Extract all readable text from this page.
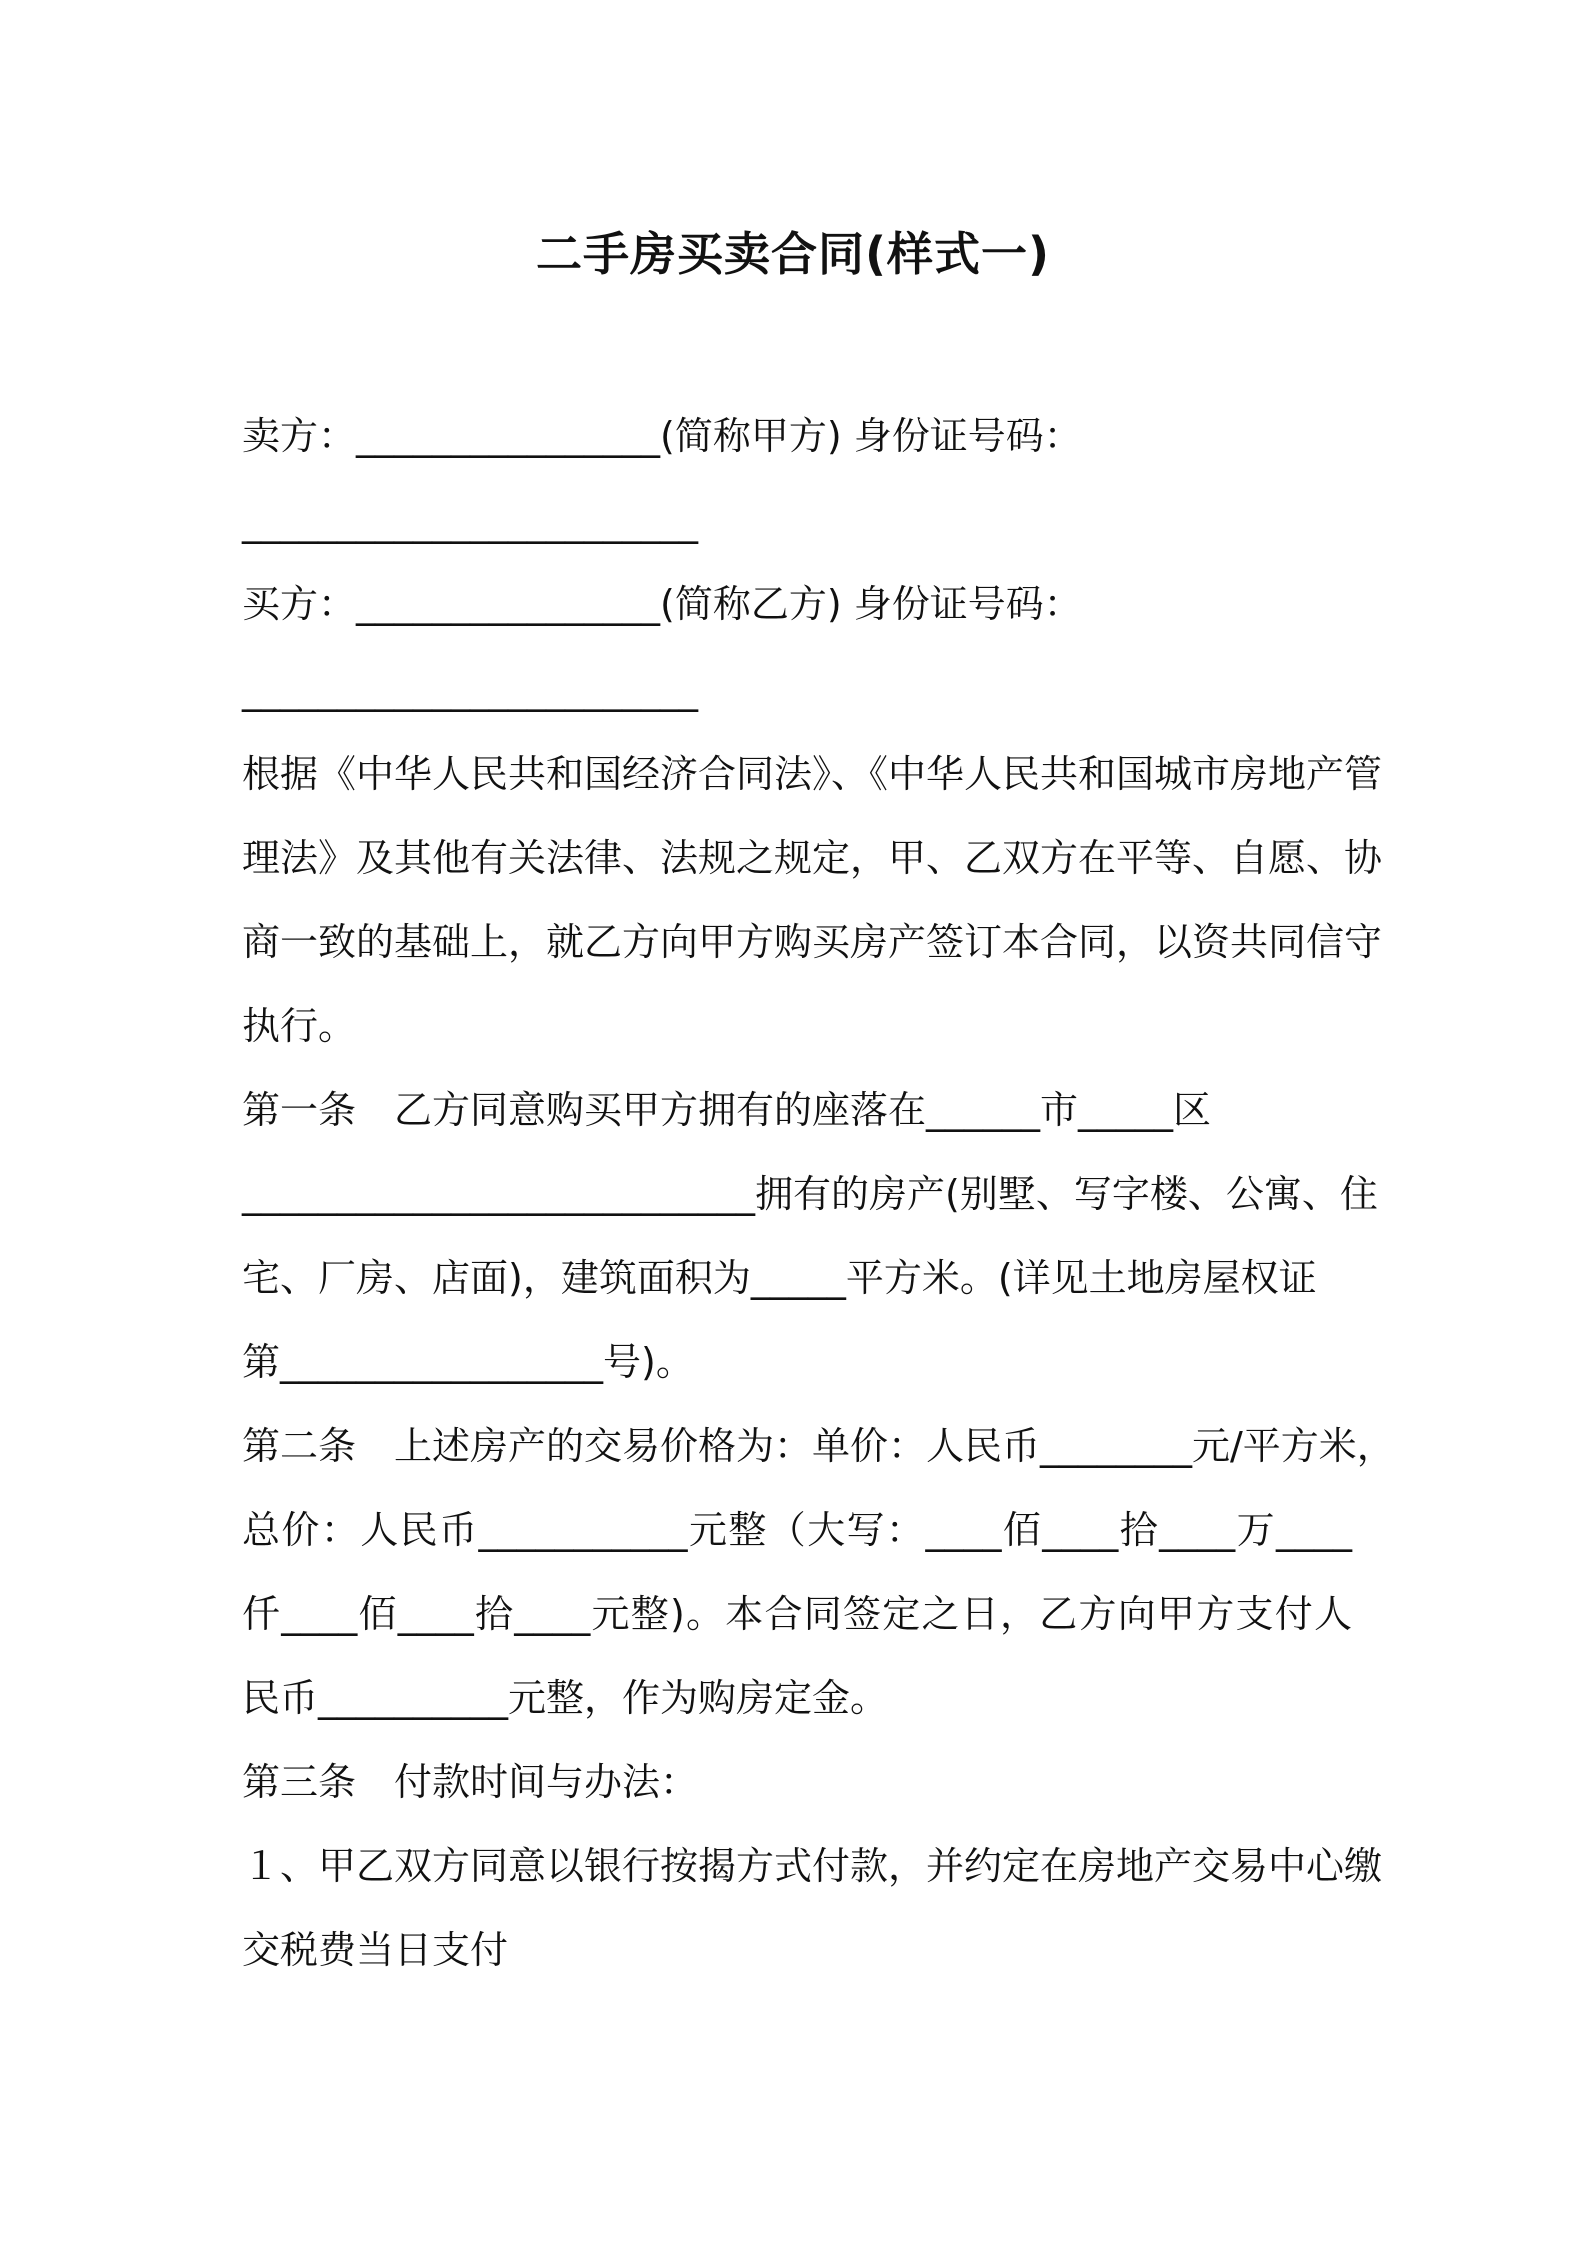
二手房买卖合同(样式一)
卖方：________________(简称甲方) 身份证号码：
________________________
买方：________________(简称乙方) 身份证号码：
________________________
根据《中华人民共和国经济合同法》、《中华人民共和国城市房地产管
理法》及其他有关法律、法规之规定，甲、乙双方在平等、自愿、协
商一致的基础上，就乙方向甲方购买房产签订本合同，以资共同信守
执行。
第一条　乙方同意购买甲方拥有的座落在______市_____区
___________________________拥有的房产(别墅、写字楼、公寓、住
宅、厂房、店面)，建筑面积为_____平方米。(详见土地房屋权证
第_________________号)。
第二条　上述房产的交易价格为：单价：人民币________元/平方米，
总价：人民币___________元整（大写：____佰____拾____万____
仟____佰____拾____元整)。本合同签定之日，乙方向甲方支付人
民币__________元整，作为购房定金。
第三条　付款时间与办法：
１、甲乙双方同意以银行按揭方式付款，并约定在房地产交易中心缴
交税费当日支付
